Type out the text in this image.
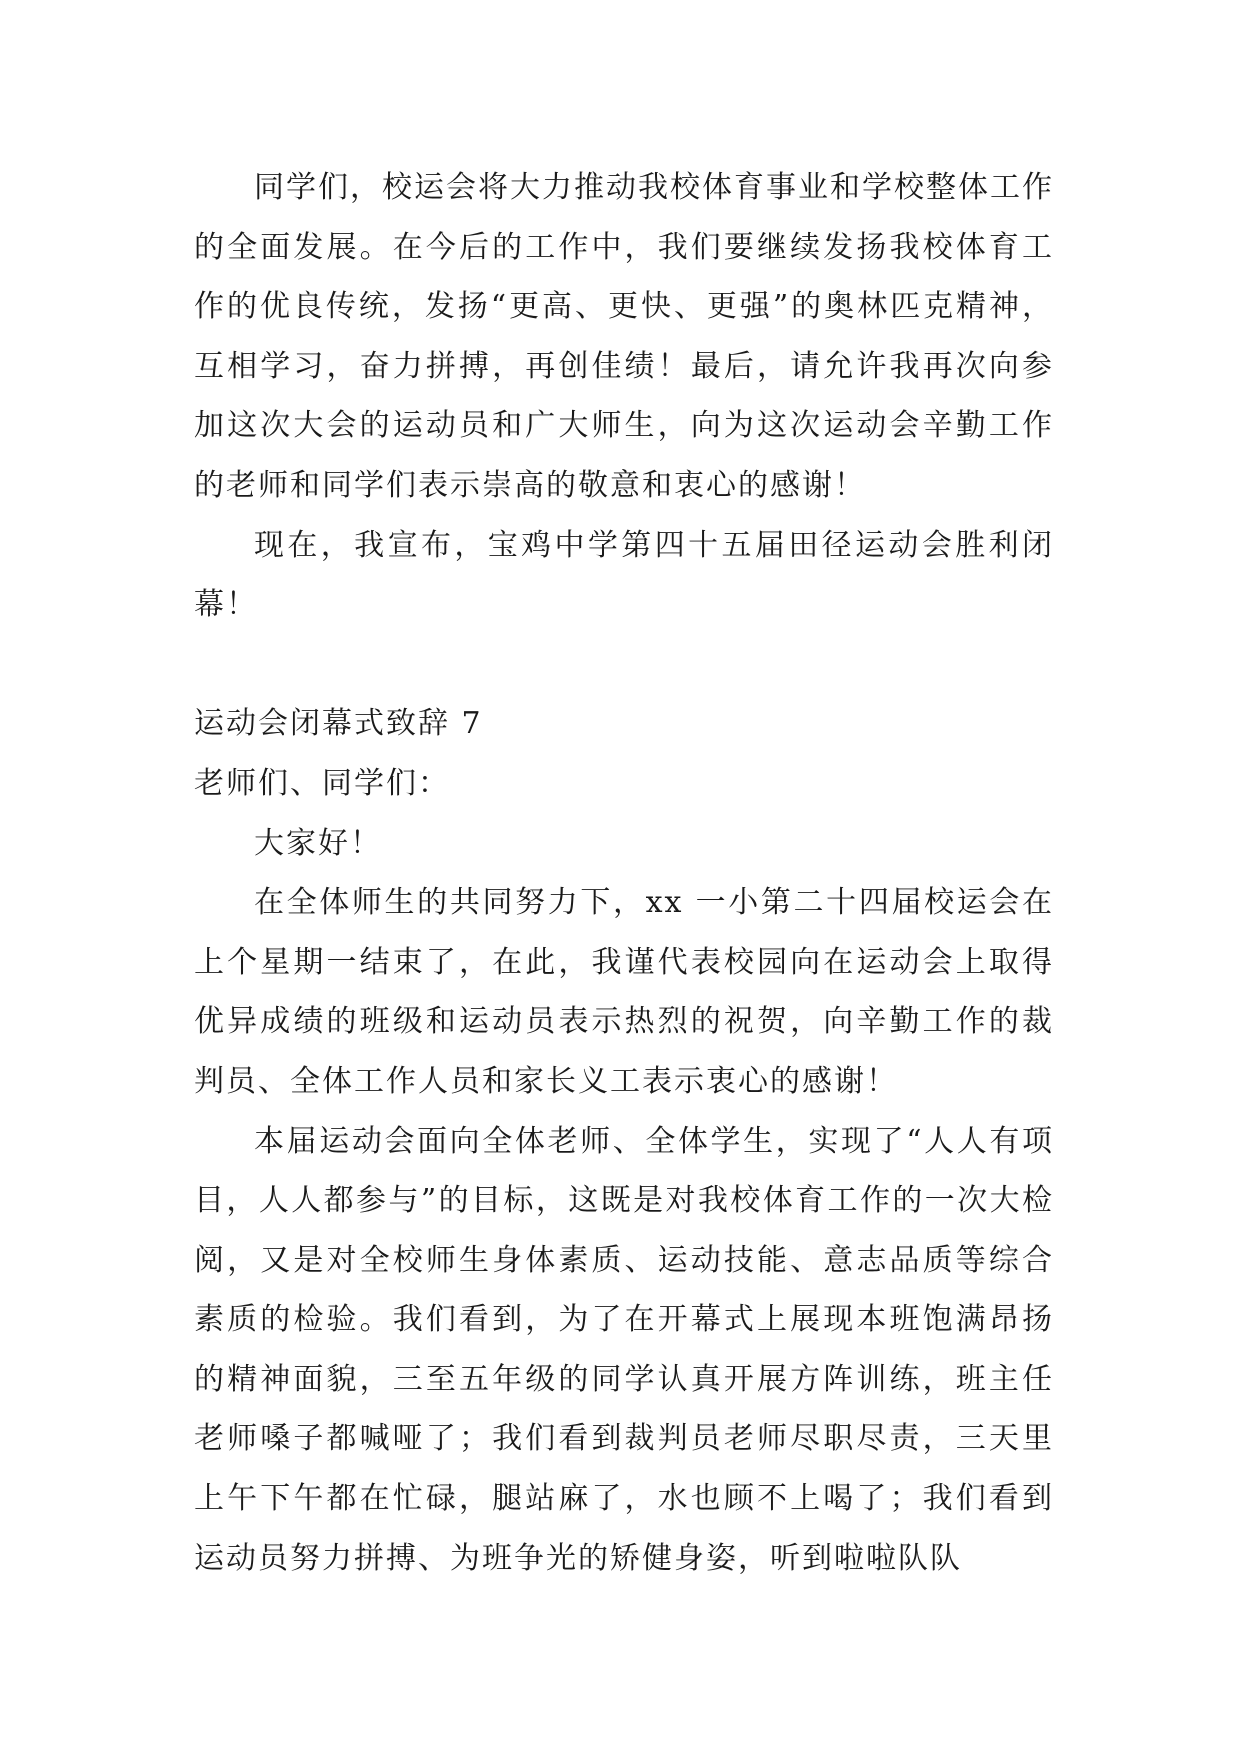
同学们，校运会将大力推动我校体育事业和学校整体工作的全面发展。在今后的工作中，我们要继续发扬我校体育工作的优良传统，发扬“更高、更快、更强”的奥林匹克精神，互相学习，奋力拼搏，再创佳绩！最后，请允许我再次向参加这次大会的运动员和广大师生，向为这次运动会辛勤工作的老师和同学们表示崇高的敬意和衷心的感谢！

现在，我宣布，宝鸡中学第四十五届田径运动会胜利闭幕！

运动会闭幕式致辞 7

老师们、同学们：

大家好！

在全体师生的共同努力下，xx 一小第二十四届校运会在上个星期一结束了，在此，我谨代表校园向在运动会上取得优异成绩的班级和运动员表示热烈的祝贺，向辛勤工作的裁判员、全体工作人员和家长义工表示衷心的感谢！

本届运动会面向全体老师、全体学生，实现了“人人有项目，人人都参与”的目标，这既是对我校体育工作的一次大检阅，又是对全校师生身体素质、运动技能、意志品质等综合素质的检验。我们看到，为了在开幕式上展现本班饱满昂扬的精神面貌，三至五年级的同学认真开展方阵训练，班主任老师嗓子都喊哑了；我们看到裁判员老师尽职尽责，三天里上午下午都在忙碌，腿站麻了，水也顾不上喝了；我们看到运动员努力拼搏、为班争光的矫健身姿，听到啦啦队队
